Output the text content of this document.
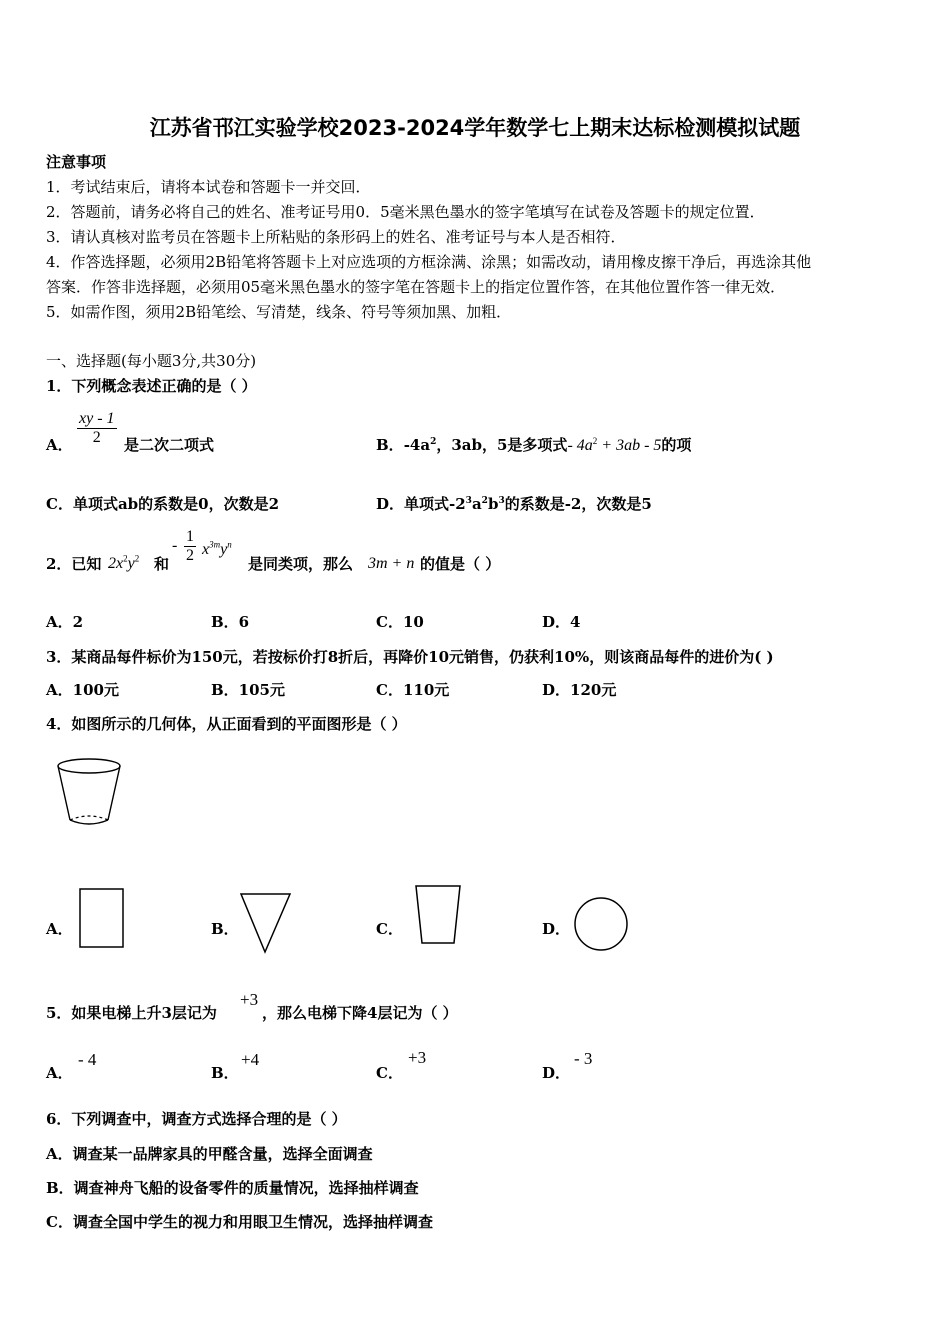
江苏省邗江实验学校2023-2024学年数学七上期末达标检测模拟试题
注意事项
1．考试结束后，请将本试卷和答题卡一并交回．
2．答题前，请务必将自己的姓名、准考证号用0．5毫米黑色墨水的签字笔填写在试卷及答题卡的规定位置．
3．请认真核对监考员在答题卡上所粘贴的条形码上的姓名、准考证号与本人是否相符．
4．作答选择题，必须用2B铅笔将答题卡上对应选项的方框涂满、涂黑；如需改动，请用橡皮擦干净后，再选涂其他
答案．作答非选择题，必须用05毫米黑色墨水的签字笔在答题卡上的指定位置作答，在其他位置作答一律无效．
5．如需作图，须用2B铅笔绘、写清楚，线条、符号等须加黑、加粗．
一、选择题(每小题3分,共30分)
1．下列概念表述正确的是（ ）
A． $\frac{xy - 1}{2}$ 是二次二项式	B．$-4a^2$，3ab，5是多项式- $4a^2 + 3ab - 5$的项
C．单项式ab的系数是0，次数是2	D．单项式$-2^3a^2b^3$的系数是-2，次数是5
2．已知 $2x^2y^2$ 和
- $\frac{1}{2} x^{3m}y^n$
是同类项，那么 3m + n 的值是（ ）
A．2	B．6	C．10	D．4
3．某商品每件标价为150元，若按标价打8折后，再降价10元销售，仍获利10%，则该商品每件的进价为( )
A．100元	B．105元	C．110元	D．120元
4．如图所示的几何体，从正面看到的平面图形是（ ）
A．	B．	C．	D．
5．如果电梯上升3层记为
+3
，那么电梯下降4层记为（ ）
A．
- 4
B．
+4
C．
+3
D．
- 3
6．下列调查中，调查方式选择合理的是（ ）
A．调查某一品牌家具的甲醛含量，选择全面调查
B．调查神舟飞船的设备零件的质量情况，选择抽样调查
C．调查全国中学生的视力和用眼卫生情况，选择抽样调查
